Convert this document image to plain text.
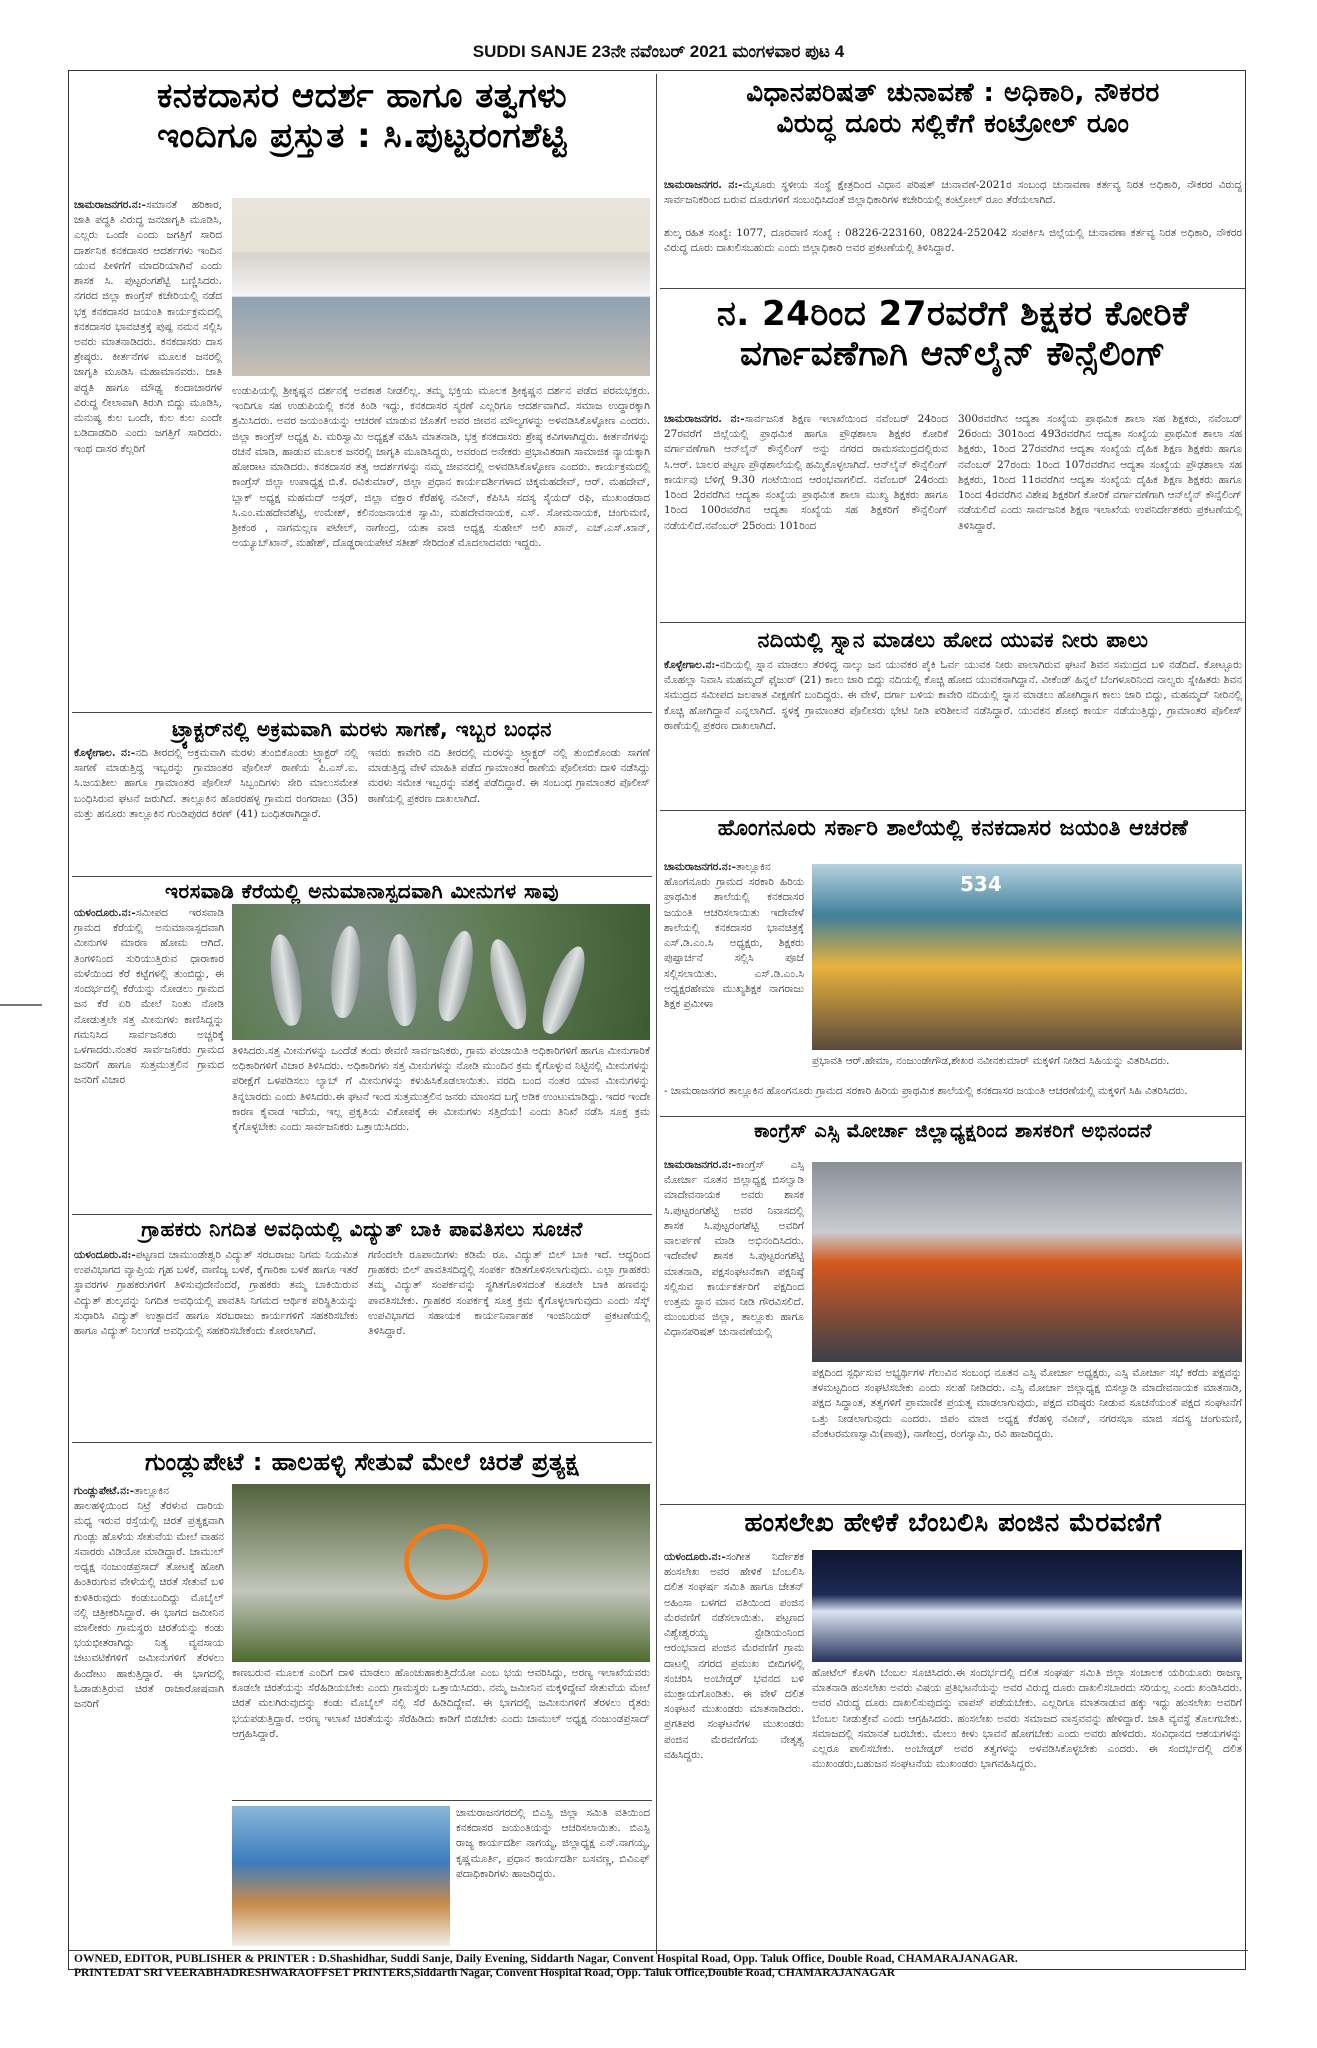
SUDDI SANJE 23ನೇ ನವೆಂಬರ್ 2021 ಮಂಗಳವಾರ ಪುಟ 4
ಕನಕದಾಸರ ಆದರ್ಶ ಹಾಗೂ ತತ್ವಗಳು
ಇಂದಿಗೂ ಪ್ರಸ್ತುತ : ಸಿ.ಪುಟ್ಟರಂಗಶೆಟ್ಟಿ
ಚಾಮರಾಜನಗರ.ನ:-ಸಮಾನತೆ ಹರಿಕಾರ, ಜಾತಿ ಪದ್ಧತಿ ವಿರುದ್ಧ ಜನಜಾಗೃತಿ ಮೂಡಿಸಿ, ಎಲ್ಲರು ಒಂದೇ ಎಂದು ಜಗತ್ತಿಗೆ ಸಾರಿದ ದಾರ್ಶನಿಕ ಕನಕದಾಸರ ಆದರ್ಶಗಳು ಇಂದಿನ ಯುವ ಪೀಳಿಗೆಗೆ ಮಾದರಿಯಾಗಿವೆ ಎಂದು ಶಾಸಕ ಸಿ. ಪುಟ್ಟರಂಗಶೆಟ್ಟಿ ಬಣ್ಣಿಸಿದರು. ನಗರದ ಜಿಲ್ಲಾ ಕಾಂಗ್ರೆಸ್ ಕಚೇರಿಯಲ್ಲಿ ನಡೆದ ಭಕ್ತ ಕನಕದಾಸರ ಜಯಂತಿ ಕಾರ್ಯಕ್ರಮದಲ್ಲಿ ಕನಕದಾಸರ ಭಾವಚಿತ್ರಕ್ಕೆ ಪುಷ್ಪ ನಮನ ಸಲ್ಲಿಸಿ ಅವರು ಮಾತನಾಡಿದರು. ಕನಕದಾಸರು ದಾಸ ಶ್ರೇಷ್ಠರು. ಕೀರ್ತನೆಗಳ ಮೂಲಕ ಜನರಲ್ಲಿ ಜಾಗೃತಿ ಮೂಡಿಸಿ ಮಹಾಮಾನವರು. ಜಾತಿ ಪದ್ಧತಿ ಹಾಗೂ ಮೌಢ್ಯ ಕಂದಾಚಾರಗಳ ವಿರುದ್ಧ ಲೀಲಾವಾಗಿ ತಿರುಗಿ ಬಿದ್ದು ಮೂಡಿಸಿ, ಮನುಷ್ಯ ಕುಲ ಒಂದೇ, ಕುಲ ಕುಲ ಎಂದೇ ಬಡಿದಾಡದಿರಿ ಎಂದು ಜಗತ್ತಿಗೆ ಸಾರಿದರು. ಇಂಥ ದಾಸರ ಕೆಲ್ಲರಿಗೆ
ಉಡುಪಿಯಲ್ಲಿ ಶ್ರೀಕೃಷ್ಣನ ದರ್ಶನಕ್ಕೆ ಅವಕಾಶ ನೀಡಲಿಲ್ಲ. ತಮ್ಮ ಭಕ್ತಿಯ ಮೂಲಕ ಶ್ರೀಕೃಷ್ಣನ ದರ್ಶನ ಪಡೆದ ಪರಮಭಕ್ತರು. ಇಂದಿಗೂ ಸಹ ಉಡುಪಿಯಲ್ಲಿ ಕನಕ ಕಿಂಡಿ ಇದ್ದು, ಕನಕದಾಸರ ಸ್ಮರಣೆ ಎಲ್ಲರಿಗೂ ಆದರ್ಶವಾಗಿದೆ. ಸಮಾಜ ಉದ್ಧಾರಕ್ಕಾಗಿ ಶ್ರಮಿಸಿದರು. ಅವರ ಜಯಂತಿಯನ್ನು ಆಚರಣೆ ಮಾಡುವ ಜೊತೆಗೆ ಅವರ ಜೀವನ ಮೌಲ್ಯಗಳನ್ನು ಅಳವಡಿಸಿಕೊಳ್ಳೋಣ ಎಂದರು. ಜಿಲ್ಲಾ ಕಾಂಗ್ರೆಸ್ ಅಧ್ಯಕ್ಷ ಪಿ. ಮರಿಸ್ವಾಮಿ ಅಧ್ಯಕ್ಷತೆ ವಹಿಸಿ ಮಾತನಾಡಿ, ಭಕ್ತ ಕನಕದಾಸರು ಶ್ರೇಷ್ಠ ಕವಿಗಳಾಗಿದ್ದರು. ಕೀರ್ತನೆಗಳನ್ನು ರಚನೆ ಮಾಡಿ, ಹಾಡುವ ಮೂಲಕ ಜನರಲ್ಲಿ ಜಾಗೃತಿ ಮೂಡಿಸಿದ್ದರು, ಅವರಂದ ಅನೇಕರು ಪ್ರಭಾವಿತರಾಗಿ ಸಾಮಾಜಿಕ ನ್ಯಾಯಕ್ಕಾಗಿ ಹೋರಾಟ ಮಾಡಿದರು. ಕನಕದಾಸರ ತತ್ವ ಆದರ್ಶಗಳನ್ನು ನಮ್ಮ ಜೀವನದಲ್ಲಿ ಅಳವಡಿಸಿಕೊಳ್ಳೋಣ ಎಂದರು. ಕಾರ್ಯಕ್ರಮದಲ್ಲಿ ಕಾಂಗ್ರೆಸ್ ಜಿಲ್ಲಾ ಉಪಾಧ್ಯಕ್ಷ ಬಿ.ಕೆ. ರವಿಕುಮಾರ್, ಜಿಲ್ಲಾ ಪ್ರಧಾನ ಕಾರ್ಯದರ್ಶಿಗಳಾದ ಚಿಕ್ಕಮಹದೇವ್, ಆರ್. ಮಹದೇವ್, ಬ್ಲಾಕ್ ಅಧ್ಯಕ್ಷ ಮಹಮದ್ ಅಸ್ಗರ್, ಜಿಲ್ಲಾ ವಕ್ತಾರ ಕೆರೆಹಳ್ಳಿ ನವೀನ್, ಕೆಪಿಸಿಸಿ ಸದಸ್ಯ ಸೈಯದ್ ರಫಿ, ಮುಖಂಡರಾದ ಸಿ.ಎಂ.ಮಹದೇವಶೆಟ್ಟಿ, ಉಮೇಶ್, ಕಲಿನಂಜನಾಯಕ ಸ್ವಾಮಿ, ಮಹದೇವನಾಯಕ, ಎಸ್. ಸೋಮನಾಯಕ, ಚಂಗುಮಣಿ, ಶ್ರೀಕಂಠ , ನಾಗಮಲ್ಲಣ ಪಟೇಲ್, ನಾಗೇಂದ್ರ, ಯತಾ ವಾಜಿ ಅಧ್ಯಕ್ಷ ಸುಹೇಲ್ ಅಲಿ ಖಾನ್, ಎಚ್.ಎಸ್.ಖಾನ್, ಅಯ್ಯೂಬ್‌ಖಾನ್, ಮಹೇಶ್, ದೊಡ್ಡರಾಯಪೇಟೆ ಸತೀಶ್ ಸೇರಿದಂತೆ ಮೊದಲಾದವರು ಇದ್ದರು.
ಟ್ರ್ಯಾಕ್ಟರ್‌ನಲ್ಲಿ ಅಕ್ರಮವಾಗಿ ಮರಳು ಸಾಗಣೆ, ಇಬ್ಬರ ಬಂಧನ
ಕೊಳ್ಳೇಗಾಲ. ನ:-ನದಿ ತೀರದಲ್ಲಿ ಅಕ್ರಮವಾಗಿ ಮರಳು ತುಂಬಿಕೊಂಡು ಟ್ರ್ಯಾಕ್ಟರ್ ನಲ್ಲಿ ಸಾಗಣೆ ಮಾಡುತ್ತಿದ್ದ ಇಬ್ಬರನ್ನು ಗ್ರಾಮಾಂತರ ಪೊಲೀಸ್ ಠಾಣೆಯ ಪಿ.ಎಸ್.ಐ. ಸಿ.ಜಯಶೀಲ ಹಾಗೂ ಗ್ರಾಮಾಂತರ ಪೊಲೀಸ್ ಸಿಬ್ಬಂದಿಗಳು ಸೇರಿ ಮಾಲುಸಮೇತ ಬಂಧಿಸಿರುವ ಘಟನೆ ಜರುಗಿದೆ. ತಾಲ್ಲೂಕಿನ ಹೊರರಹಳ್ಳ ಗ್ರಾಮದ ರಂಗರಾಜು (35) ಮತ್ತು ಹನೂರು ತಾಲ್ಲೂಕಿನ ಗುಂಡಿಪುರದ ಕಿರಣ್ (41) ಬಂಧಿತರಾಗಿದ್ದಾರೆ.
ಇವರು ಕಾವೇರಿ ನದಿ ತೀರದಲ್ಲಿ ಮರಳನ್ನು ಟ್ರ್ಯಾಕ್ಟರ್ ನಲ್ಲಿ ತುಂಬಿಕೊಂಡು ಸಾಗಣೆ ಮಾಡುತ್ತಿದ್ದ ವೇಳೆ ಮಾಹಿತಿ ಪಡೆದ ಗ್ರಾಮಾಂತರ ಠಾಣೆಯ ಪೊಲೀಸರು ದಾಳಿ ನಡೆಸಿದ್ದು ಮರಳು ಸಮೇತ ಇಬ್ಬರನ್ನು ವಶಕ್ಕೆ ಪಡೆದಿದ್ದಾರೆ. ಈ ಸಂಬಂಧ ಗ್ರಾಮಾಂತರ ಪೊಲೀಸ್ ಠಾಣೆಯಲ್ಲಿ ಪ್ರಕರಣ ದಾಖಲಾಗಿದೆ.
ಇರಸವಾಡಿ ಕೆರೆಯಲ್ಲಿ ಅನುಮಾನಾಸ್ಪದವಾಗಿ ಮೀನುಗಳ ಸಾವು
ಯಳಂದೂರು.ನ:-ಸಮೀಪದ ಇರಸವಾಡಿ ಗ್ರಾಮದ ಕೆರೆಯಲ್ಲಿ ಅನುಮಾನಾಸ್ಪದವಾಗಿ ಮೀನುಗಳ ಮಾರಣ ಹೋಮ ಆಗಿದೆ. ತಿಂಗಳಿನಿಂದ ಸುರಿಯುತ್ತಿರುವ ಧಾರಾಕಾರ ಮಳೆಯಿಂದ ಕೆರೆ ಕಟ್ಟೆಗಳಲ್ಲಿ ತುಂಬಿದ್ದು, ಈ ಸಂದರ್ಭದಲ್ಲಿ ಕೆರೆಯನ್ನು ನೋಡಲು ಗ್ರಾಮದ ಜನ ಕೆರೆ ಏರಿ ಮೇಲೆ ನಿಂತು ನೋಡಿ ನೋಡುತ್ತಲೇ ಸತ್ತ ಮೀನುಗಳು ಕಾಣಿಸಿದ್ದನ್ನು ಗಮನಿಸಿದ ಸಾರ್ವಜನಿಕರು ಅಚ್ಚರಿಕ್ಕೆ ಒಳಗಾದರು.ನಂತರ ಸಾರ್ವಜನಿಕರು ಗ್ರಾಮದ ಜನರಿಗೆ ಹಾಗೂ ಸುತ್ತಮುತ್ತಲಿನ ಗ್ರಾಮದ ಜನರಿಗೆ ವಿಚಾರ
ತಿಳಿಸಿದರು.ಸತ್ತ ಮೀನುಗಳನ್ನು ಒಂದೆಡೆ ತಂದು ಠೇವಣಿ ಸಾರ್ವಜನಿಕರು, ಗ್ರಾಮ ಪಂಚಾಯಿತಿ ಅಧಿಕಾರಿಗಳಿಗೆ ಹಾಗೂ ಮೀನುಗಾರಿಕೆ ಅಧಿಕಾರಿಗಳಿಗೆ ವಿಚಾರ ತಿಳಿಸಿದರು. ಅಧಿಕಾರಿಗಳು ಸತ್ತ ಮೀನುಗಳನ್ನು ನೋಡಿ ಮುಂದಿನ ಕ್ರಮ ಕೈಗೊಳ್ಳುವ ನಿಟ್ಟಿನಲ್ಲಿ ಮೀನುಗಳನ್ನು ಪರೀಕ್ಷೆಗೆ ಒಳಪಡಿಸಲು ಲ್ಯಾಬ್ ಗೆ ಮೀನುಗಳನ್ನು ಕಳುಹಿಸಿಕೊಡಲಾಯಿತು. ವರದಿ ಬಂದ ನಂತರ ಯಾವ ಮೀನುಗಳನ್ನು ತಿನ್ನಬಾರದು ಎಂದು ತಿಳಿಸಿದರು.ಈ ಘಟನೆ ಇಂದ ಸುತ್ತಮುತ್ತಲಿನ ಜನರು ಮಾಂಸದ ಬಗ್ಗೆ ಅಡಿಕ ಉಂಟುಮಾಡಿದ್ದು. ಇದರ ಇಂದೇ ಕಾರಣ ಕೈವಾಡ ಇದೆಯ, ಇಲ್ಲ ಪ್ರಕೃತಿಯ ವಿಕೋಪಕ್ಕೆ ಈ ಮೀನುಗಳು ಸತ್ತಿದೆಯ! ಎಂದು ತಿನಿಖೆ ನಡೆಸಿ ಸೂಕ್ತ ಕ್ರಮ ಕೈಗೊಳ್ಳಬೇಕು ಎಂದು ಸಾರ್ವಜನಿಕರು ಒತ್ತಾಯಿಸಿದರು.
ಗ್ರಾಹಕರು ನಿಗದಿತ ಅವಧಿಯಲ್ಲಿ ವಿದ್ಯುತ್ ಬಾಕಿ ಪಾವತಿಸಲು ಸೂಚನೆ
ಯಳಂದೂರು.ನ:-ಪಟ್ಟಣದ ಚಾಮುಂಡೇಶ್ವರಿ ವಿದ್ಯುತ್ ಸರಬರಾಜು ನಿಗಮ ನಿಯಮಿತ ಉಪವಿಭಾಗದ ವ್ಯಾಪ್ತಿಯ ಗೃಹ ಬಳಕೆ, ವಾಣಿಜ್ಯ ಬಳಕೆ, ಕೈಗಾರಿಕಾ ಬಳಕೆ ಹಾಗೂ ಇತರೆ ಸ್ಥಾವರಗಳ ಗ್ರಾಹಕರುಗಳಿಗೆ ತಿಳಿಸುವುದೇನೆಂದರೆ, ಗ್ರಾಹಕರು ತಮ್ಮ ಬಾಕಿಯಿರುವ ವಿದ್ಯುತ್ ಶುಲ್ಕವನ್ನು ನಿಗದಿತ ಅವಧಿಯಲ್ಲಿ ಪಾವತಿಸಿ ನಿಗಮದ ಆರ್ಥಿಕ ಪರಿಸ್ಥಿತಿಯನ್ನು ಸುಧಾರಿಸಿ ವಿದ್ಯುತ್ ಉತ್ಪಾದನೆ ಹಾಗೂ ಸರಬರಾಜು ಕಾರ್ಯಗಳಿಗೆ ಸಹಕರಿಸಬೇಕು ಹಾಗೂ ವಿದ್ಯುತ್ ನಿಲುಗಡೆ ಅವಧಿಯಲ್ಲಿ ಸಹಕರಿಸಬೇಕೆಂದು ಕೋರಲಾಗಿದೆ.
ಗಣಿಂದಲೇ ರೂಪಾಯಿಗಳು ಕಡಿಮೆ ರೂ. ವಿದ್ಯುತ್ ಬಿಲ್ ಬಾಕಿ ಇದೆ. ಆದ್ದರಿಂದ ಗ್ರಾಹಕರು ಬಿಲ್ ಪಾವತಿಸದಿದ್ದಲ್ಲಿ ಸಂಪರ್ಕ ಕಡಿತಗೊಳಿಸಲಾಗುವುದು. ಎಲ್ಲಾ ಗ್ರಾಹಕರು ತಮ್ಮ ವಿದ್ಯುತ್ ಸಂಪರ್ಕವನ್ನು ಸ್ಥಗಿತಗೊಳಿಸದಂತೆ ಕೂಡಲೇ ಬಾಕಿ ಹಣವನ್ನು ಪಾವತಿಸಬೇಕು. ಗ್ರಾಹಕರ ಸಂಪರ್ಕಕ್ಕೆ ಸೂಕ್ತ ಕ್ರಮ ಕೈಗೊಳ್ಳಲಾಗುವುದು ಎಂದು ಸೆಸ್ಕ್ ಉಪವಿಭಾಗದ ಸಹಾಯಕ ಕಾರ್ಯನಿರ್ವಾಹಕ ಇಂಜಿನಿಯರ್ ಪ್ರಕಟಣೆಯಲ್ಲಿ ತಿಳಿಸಿದ್ದಾರೆ.
ಗುಂಡ್ಲುಪೇಟೆ : ಹಾಲಹಳ್ಳಿ ಸೇತುವೆ ಮೇಲೆ ಚಿರತೆ ಪ್ರತ್ಯಕ್ಷ
ಗುಂಡ್ಲುಪೇಟೆ.ನ:-ತಾಲ್ಲೂಕಿನ ಹಾಲಹಳ್ಳಿಯಿಂದ ನಿಟ್ರೆ ತೆರಳುವ ದಾರಿಯ ಮಧ್ಯ ಇರುವ ರಸ್ತೆಯಲ್ಲಿ ಚಿರತೆ ಪ್ರತ್ಯಕ್ಷವಾಗಿ ಗುಂಡ್ಲು ಹೊಳೆಯ ಸೇತುವೆಯ ಮೇಲೆ ವಾಹನ ಸವಾರರು ವಿಡಿಯೋ ಮಾಡಿದ್ದಾರೆ. ಚಾಮುಲ್ ಅಧ್ಯಕ್ಷ ನಂಜುಂಡಪ್ರಸಾದ್ ತೋಟಕ್ಕೆ ಹೋಗಿ ಹಿಂತಿರುಗುವ ವೇಳೆಯಲ್ಲಿ ಚಿರತೆ ಸೇತುವೆ ಬಳಿ ಕುಳಿತಿರುವುದು ಕಂಡುಬಂದಿದ್ದು ಮೊಬೈಲ್ ನಲ್ಲಿ ಚಿತ್ರೀಕರಿಸಿದ್ದಾರೆ. ಈ ಭಾಗದ ಜಮೀನಿನ ಮಾಲೀಕರು ಗ್ರಾಮಸ್ಥರು ಚಿರತೆಯನ್ನು ಕಂಡು ಭಯಭೀತರಾಗಿದ್ದು ನಿತ್ಯ ವ್ಯವಸಾಯ ಚಟುವಟಿಕೆಗಳಿಗೆ ಜಮೀನುಗಳಿಗೆ ತೆರಳಲು ಹಿಂದೇಟು ಹಾಕುತ್ತಿದ್ದಾರೆ. ಈ ಭಾಗದಲ್ಲಿ ಓಡಾಡುತ್ತಿರುವ ಚಿರತೆ ರಾಜಾರೋಷವಾಗಿ ಜನರಿಗೆ
ಕಾಣಬರುವ ಮೂಲಕ ಎಂದಿಗೆ ದಾಳಿ ಮಾಡಲು ಹೊಂಚುಹಾಕುತ್ತಿದೆಯೋ ಎಂಬ ಭಯ ಆವರಿಸಿದ್ದು, ಅರಣ್ಯ ಇಲಾಖೆಯವರು ಕೂಡಲೇ ಚಿರತೆಯನ್ನು ಸೆರೆಹಿಡಿಯಬೇಕು ಎಂದು ಗ್ರಾಮಸ್ಥರು ಒತ್ತಾಯಿಸಿದರು. ನಮ್ಮ ಜಮೀನಿನ ಮಕ್ಕಳಿದ್ದೇವೆ ಸೇತುವೆಯ ಮೇಲೆ ಚಿರತೆ ಮಲಗಿರುವುದನ್ನು ಕಂಡು ಮೊಬೈಲ್ ನಲ್ಲಿ ಸೆರೆ ಹಿಡಿದಿದ್ದೇವೆ. ಈ ಭಾಗದಲ್ಲಿ ಜಮೀನುಗಳಿಗೆ ತೆರಳಲು ರೈತರು ಭಯಪಡುತ್ತಿದ್ದಾರೆ. ಅರಣ್ಯ ಇಲಾಖೆ ಚಿರತೆಯನ್ನು ಸೆರೆಹಿಡಿದು ಕಾಡಿಗೆ ಬಿಡಬೇಕು ಎಂದು ಚಾಮುಲ್ ಅಧ್ಯಕ್ಷ ನಂಜುಂಡಪ್ರಸಾದ್ ಆಗ್ರಹಿಸಿದ್ದಾರೆ.
ಚಾಮರಾಜನಗರದಲ್ಲಿ ಬಿಎಸ್ಪಿ ಜಿಲ್ಲಾ ಸಮಿತಿ ವತಿಯಿಂದ ಕನಕದಾಸರ ಜಯಂತಿಯನ್ನು ಆಚರಿಸಲಾಯಿತು. ಬಿಎಸ್ಪಿ ರಾಜ್ಯ ಕಾರ್ಯದರ್ಶಿ ನಾಗಯ್ಯ, ಜಿಲ್ಲಾಧ್ಯಕ್ಷ ಎನ್.ನಾಗಯ್ಯ, ಕೃಷ್ಣಮೂರ್ತಿ, ಪ್ರಧಾನ ಕಾರ್ಯದರ್ಶಿ ಬಸವಣ್ಣ, ಬಿವಿಎಫ್ ಪದಾಧಿಕಾರಿಗಳು ಹಾಜರಿದ್ದರು.
ವಿಧಾನಪರಿಷತ್ ಚುನಾವಣೆ : ಅಧಿಕಾರಿ, ನೌಕರರ
ವಿರುದ್ಧ ದೂರು ಸಲ್ಲಿಕೆಗೆ ಕಂಟ್ರೋಲ್ ರೂಂ
ಚಾಮರಾಜನಗರ. ನ:-ಮೈಸೂರು ಸ್ಥಳೀಯ ಸಂಸ್ಥೆ ಕ್ಷೇತ್ರದಿಂದ ವಿಧಾನ ಪರಿಷತ್ ಚುನಾವಣೆ-2021ರ ಸಂಬಂಧ ಚುನಾವಣಾ ಕರ್ತವ್ಯ ನಿರತ ಅಧಿಕಾರಿ, ನೌಕರರ ವಿರುದ್ಧ ಸಾರ್ವಜನಿಕರಿಂದ ಬರುವ ದೂರುಗಳಿಗೆ ಸಂಬಂಧಿಸಿದಂತೆ ಜಿಲ್ಲಾಧಿಕಾರಿಗಳ ಕಚೇರಿಯಲ್ಲಿ ಕಂಟ್ರೋಲ್ ರೂಂ ತೆರೆಯಲಾಗಿದೆ.
ಶುಲ್ಕ ರಹಿತ ಸಂಖ್ಯೆ: 1077, ದೂರವಾಣಿ ಸಂಖ್ಯೆ : 08226-223160, 08224-252042 ಸಂಪರ್ಕಿಸಿ ಜಿಲ್ಲೆಯಲ್ಲಿ ಚುನಾವಣಾ ಕರ್ತವ್ಯ ನಿರತ ಅಧಿಕಾರಿ, ನೌಕರರ ವಿರುದ್ಧ ದೂರು ದಾಖಲಿಸಬಹುದು ಎಂದು ಜಿಲ್ಲಾಧಿಕಾರಿ ಅವರ ಪ್ರಕಟಣೆಯಲ್ಲಿ ತಿಳಿಸಿದ್ದಾರೆ.
ನ. 24ರಿಂದ 27ರವರೆಗೆ ಶಿಕ್ಷಕರ ಕೋರಿಕೆ
ವರ್ಗಾವಣೆಗಾಗಿ ಆನ್‌ಲೈನ್ ಕೌನ್ಸೆಲಿಂಗ್
ಚಾಮರಾಜನಗರ. ನ:-ಸಾರ್ವಜನಿಕ ಶಿಕ್ಷಣ ಇಲಾಖೆಯಿಂದ ನವೆಂಬರ್ 24ರಿಂದ 27ರವರೆಗೆ ಜಿಲ್ಲೆಯಲ್ಲಿ ಪ್ರಾಥಮಿಕ ಹಾಗೂ ಪ್ರೌಢಶಾಲಾ ಶಿಕ್ಷಕರ ಕೋರಿಕೆ ವರ್ಗಾವಣೆಗಾಗಿ ಆನ್‌ಲೈನ್ ಕೌನ್ಸೆಲಿಂಗ್ ಅನ್ನು ನಗರದ ರಾಮಸಮುದ್ರದಲ್ಲಿರುವ ಸಿ.ಆರ್. ಬಾಲರ ಪಟ್ಟಣ ಪ್ರೌಢಶಾಲೆಯಲ್ಲಿ ಹಮ್ಮಿಕೊಳ್ಳಲಾಗಿದೆ. ಆನ್‌ಲೈನ್ ಕೌನ್ಸೆಲಿಂಗ್ ಕಾರ್ಯವು ಬೆಳಿಗ್ಗೆ 9.30 ಗಂಟೆಯಿಂದ ಆರಂಭವಾಗಲಿದೆ. ನವೆಂಬರ್ 24ರಂದು 1ರಿಂದ 2ರವರೆಗಿನ ಆದ್ಯತಾ ಸಂಖ್ಯೆಯ ಪ್ರಾಥಮಿಕ ಶಾಲಾ ಮುಖ್ಯ ಶಿಕ್ಷಕರು ಹಾಗೂ 1ರಿಂದ 100ರವರೆಗಿನ ಆದ್ಯತಾ ಸಂಖ್ಯೆಯ ಸಹ ಶಿಕ್ಷಕರಿಗೆ ಕೌನ್ಸೆಲಿಂಗ್ ನಡೆಯಲಿದೆ.ನವೆಂಬರ್ 25ರಂದು 101ರಿಂದ
300ರವರೆಗಿನ ಆದ್ಯತಾ ಸಂಖ್ಯೆಯ ಪ್ರಾಥಮಿಕ ಶಾಲಾ ಸಹ ಶಿಕ್ಷಕರು, ನವೆಂಬರ್ 26ರಂದು 301ರಿಂದ 493ರವರೆಗಿನ ಆದ್ಯತಾ ಸಂಖ್ಯೆಯ ಪ್ರಾಥಮಿಕ ಶಾಲಾ ಸಹ ಶಿಕ್ಷಕರು, 1ರಿಂದ 27ರವರೆಗಿನ ಆದ್ಯತಾ ಸಂಖ್ಯೆಯ ದೈಹಿಕ ಶಿಕ್ಷಣ ಶಿಕ್ಷಕರು ಹಾಗೂ ನವೆಂಬರ್ 27ರಂದು 1ರಿಂದ 107ರವರೆಗಿನ ಆದ್ಯತಾ ಸಂಖ್ಯೆಯ ಪ್ರೌಢಶಾಲಾ ಸಹ ಶಿಕ್ಷಕರು, 1ರಿಂದ 11ರವರೆಗಿನ ಆದ್ಯತಾ ಸಂಖ್ಯೆಯ ದೈಹಿಕ ಶಿಕ್ಷಣ ಶಿಕ್ಷಕರು ಹಾಗೂ 1ರಿಂದ 4ರವರೆಗಿನ ವಿಶೇಷ ಶಿಕ್ಷಕರಿಗೆ ಕೋರಿಕೆ ವರ್ಗಾವಣೆಗಾಗಿ ಆನ್‌ಲೈನ್ ಕೌನ್ಸೆಲಿಂಗ್ ನಡೆಯಲಿದೆ ಎಂದು ಸಾರ್ವಜನಿಕ ಶಿಕ್ಷಣ ಇಲಾಖೆಯ ಉಪನಿರ್ದೇಶಕರು ಪ್ರಕಟಣೆಯಲ್ಲಿ ತಿಳಿಸಿದ್ದಾರೆ.
ನದಿಯಲ್ಲಿ ಸ್ನಾನ ಮಾಡಲು ಹೋದ ಯುವಕ ನೀರು ಪಾಲು
ಕೊಳ್ಳೇಗಾಲ.ನ:-ನದಿಯಲ್ಲಿ ಸ್ನಾನ ಮಾಡಲು ತೆರಳಿದ್ದ ನಾಲ್ಕು ಜನ ಯುವಕರ ಪೈಕಿ ಓರ್ವ ಯುವಕ ನೀರು ಪಾಲಾಗಿರುವ ಘಟನೆ ಶಿವನ ಸಮುದ್ರದ ಬಳಿ ನಡೆದಿದೆ. ಕೋಟ್ಟೂರು ಮೊಹಲ್ಲಾ ನಿವಾಸಿ ಮಹಮ್ಮದ್ ಫೈಜುರ್ (21) ಕಾಲು ಜಾರಿ ಬಿದ್ದು ನದಿಯಲ್ಲಿ ಕೊಚ್ಚಿ ಹೋದ ಯುವಕನಾಗಿದ್ದಾನೆ. ವೀಕೆಂಡ್ ಹಿನ್ನಲೆ ಬೆಂಗಳೂರಿನಿಂದ ನಾಲ್ವರು ಸ್ನೇಹಿತರು ಶಿವನ ಸಮುದ್ರದ ಸಮೀಪದ ಜಲಪಾತ ವೀಕ್ಷಣೆಗೆ ಬಂದಿದ್ದರು. ಈ ವೇಳೆ, ದರ್ಗಾ ಬಳಿಯ ಕಾವೇರಿ ನದಿಯಲ್ಲಿ ಸ್ನಾನ ಮಾಡಲು ಹೋಗಿದ್ದಾಗ ಕಾಲು ಜಾರಿ ಬಿದ್ದು, ಮಹಮ್ಮದ್ ನೀರಿನಲ್ಲಿ ಕೊಚ್ಚಿ ಹೋಗಿದ್ದಾನೆ ಎನ್ನಲಾಗಿದೆ. ಸ್ಥಳಕ್ಕೆ ಗ್ರಾಮಾಂತರ ಪೊಲೀಸರು ಭೇಟಿ ನೀಡಿ ಪರಿಶೀಲನೆ ನಡೆಸಿದ್ದಾರೆ. ಯುವಕನ ಶೋಧ ಕಾರ್ಯ ನಡೆಯುತ್ತಿದ್ದು, ಗ್ರಾಮಾಂತರ ಪೊಲೀಸ್ ಠಾಣೆಯಲ್ಲಿ ಪ್ರಕರಣ ದಾಖಲಾಗಿದೆ.
ಹೊಂಗನೂರು ಸರ್ಕಾರಿ ಶಾಲೆಯಲ್ಲಿ ಕನಕದಾಸರ ಜಯಂತಿ ಆಚರಣೆ
ಚಾಮರಾಜನಗರ.ನ:-ತಾಲ್ಲೂಕಿನ ಹೊಂಗನೂರು ಗ್ರಾಮದ ಸರಕಾರಿ ಹಿರಿಯ ಪ್ರಾಥಮಿಕ ಶಾಲೆಯಲ್ಲಿ ಕನಕದಾಸರ ಜಯಂತಿ ಆಚರಿಸಲಾಯಿತು ಇದೇವೇಳೆ ಶಾಲೆಯಲ್ಲಿ ಕನಕದಾಸರ ಭಾವಚಿತ್ರಕ್ಕೆ ಎಸ್.ಡಿ.ಎಂ.ಸಿ ಅಧ್ಯಕ್ಷರು, ಶಿಕ್ಷಕರು ಪುಷ್ಪಾರ್ಚನೆ ಸಲ್ಲಿಸಿ ಪೂಜೆ ಸಲ್ಲಿಸಲಾಯಿತು. ಎಸ್.ಡಿ.ಎಂ.ಸಿ ಅಧ್ಯಕ್ಷರಹೇಮಾ ಮುಖ್ಯಶಿಕ್ಷಕ ನಾಗರಾಜು ಶಿಕ್ಷಕ ಪ್ರಮೀಳಾ
534
ಪ್ರಭಾವತಿ ಆರ್.ಹೇಮಾ, ನಂಜುಂಡೇಗೌಡ,ಶೇಖರ ನವೀನಕುಮಾರ್ ಮಕ್ಕಳಿಗೆ ನೀಡಿದ ಸಿಹಿಯನ್ನು ವಿತರಿಸಿದರು.
- ಚಾಮರಾಜನಗರ ತಾಲ್ಲೂಕಿನ ಹೊಂಗನೂರು ಗ್ರಾಮದ ಸರಕಾರಿ ಹಿರಿಯ ಪ್ರಾಥಮಿಕ ಶಾಲೆಯಲ್ಲಿ ಕನಕದಾಸರ ಜಯಂತಿ ಆಚರಣೆಯಲ್ಲಿ ಮಕ್ಕಳಿಗೆ ಸಿಹಿ ವಿತರಿಸಿದರು.
ಕಾಂಗ್ರೆಸ್ ಎಸ್ಸಿ ಮೋರ್ಚಾ ಜಿಲ್ಲಾಧ್ಯಕ್ಷರಿಂದ ಶಾಸಕರಿಗೆ ಅಭಿನಂದನೆ
ಚಾಮರಾಜನಗರ.ನ:-ಕಾಂಗ್ರೆಸ್ ಎಸ್ಸಿ ಮೋರ್ಚಾ ನೂತನ ಜಿಲ್ಲಾಧ್ಯಕ್ಷ ಬಿಸಲ್ವಾಡಿ ಮಾದೇವನಾಯಕ ಅವರು ಶಾಸಕ ಸಿ.ಪುಟ್ಟರಂಗಶೆಟ್ಟಿ ಅವರ ನಿವಾಸದಲ್ಲಿ ಶಾಸಕ ಸಿ.ಪುಟ್ಟರಂಗಶೆಟ್ಟಿ ಅವರಿಗೆ ವಾಲರ್ಪಣೆ ಮಾಡಿ ಅಭಿನಂದಿಸಿದರು. ಇದೇವೇಳೆ ಶಾಸಕ ಸಿ.ಪುಟ್ಟರಂಗಶೆಟ್ಟಿ ಮಾತನಾಡಿ, ಪಕ್ಷಸಂಘಟನೆಕಾಗಿ ಪಕ್ಷನಿಷ್ಠೆ ಸಲ್ಲಿಸುವ ಕಾರ್ಯಕರ್ತರಿಗೆ ಪಕ್ಷದಿಂದ ಉತ್ತಮ ಸ್ಥಾನ ಮಾನ ನೀಡಿ ಗೌರವಿಸಲಿದೆ. ಮುಂಬರುವ ಜಿಲ್ಲಾ, ತಾಲ್ಲೂಕು ಹಾಗೂ ವಿಧಾನಪರಿಷತ್ ಚುನಾವಣೆಯಲ್ಲಿ
ಪಕ್ಷದಿಂದ ಸ್ಪರ್ಧಿಸುವ ಅಭ್ಯರ್ಥಿಗಳ ಗೆಲುವಿನ ಸಂಬಂಧ ನೂತನ ಎಸ್ಸಿ ಮೋರ್ಚಾ ಅಧ್ಯಕ್ಷರು, ಎಸ್ಸಿ ಮೋರ್ಚಾ ಸಭೆ ಕರೆದು ಪಕ್ಷವನ್ನು ತಳಮಟ್ಟದಿಂದ ಸಂಘಟಿಸಬೇಕು ಎಂದು ಸಲಹೆ ನೀಡಿದರು. ಎಸ್ಸಿ ಮೋರ್ಚಾ ಜಿಲ್ಲಾಧ್ಯಕ್ಷ ಬಿಸಲ್ವಾಡಿ ಮಾದೇವನಾಯಕ ಮಾತನಾಡಿ, ಪಕ್ಷದ ಸಿದ್ಧಾಂತ, ತತ್ವಗಳಿಗೆ ಪ್ರಾಮಾಣಿಕ ಪ್ರಯತ್ನ ಮಾಡಲಾಗುವುದು, ಪಕ್ಷದ ವರಿಷ್ಠರು ನೀಡುವ ಸೂಚನೆಯಂತೆ ಪಕ್ಷದ ಸಂಘಟನೆಗೆ ಒತ್ತು ನೀಡಲಾಗುವುದು ಎಂದರು. ಜಿಪಂ ಮಾಜಿ ಅಧ್ಯಕ್ಷ ಕೆರೆಹಳ್ಳಿ ನವೀನ್, ನಗರಸಭಾ ಮಾಜಿ ಸದಸ್ಯ ಚಂಗುಮಣಿ, ವೆಂಕಟರಮಣಸ್ವಾಮಿ(ಪಾಪು), ನಾಗೇಂದ್ರ, ರಂಗಸ್ವಾಮಿ, ರವಿ ಹಾಜರಿದ್ದರು.
ಹಂಸಲೇಖ ಹೇಳಿಕೆ ಬೆಂಬಲಿಸಿ ಪಂಜಿನ ಮೆರವಣಿಗೆ
ಯಳಂದೂರು.ನ:-ಸಂಗೀತ ನಿರ್ದೇಶಕ ಹಂಸಲೇಖ ಅವರ ಹೇಳಿಕೆ ಬೆಂಬಲಿಸಿ ದಲಿತ ಸಂಘರ್ಷ ಸಮಿತಿ ಹಾಗೂ ಚೇತನ್ ಅಹಿಂಸಾ ಬಳಗದ ವತಿಯಿಂದ ಪಂಜಿನ ಮೆರವಣಿಗೆ ನಡೆಸಲಾಯಿತು. ಪಟ್ಟಣದ ವಿಶ್ವೇಶ್ವರಯ್ಯ ಸ್ಟೇಡಿಯಂನಿಂದ ಆರಂಭವಾದ ಪಂಜಿನ ಮೆರವಣಿಗೆ ಗ್ರಾಮ ದಾಟಲ್ಲಿ ನಗರದ ಪ್ರಮುಖ ಬೀದಿಗಳಲ್ಲಿ ಸಂಚರಿಸಿ ಅಂಬೇಡ್ಕರ್ ಭವನದ ಬಳಿ ಮುಕ್ತಾಯಗೊಂಡಿತು. ಈ ವೇಳೆ ದಲಿತ ಸಂಘಟನೆ ಮುಖಂಡರು ಮಾತನಾಡಿದರು. ಪ್ರಗತಿಪರ ಸಂಘಟನೆಗಳ ಮುಖಂಡರು ಪಂಜಿನ ಮೆರವಣಿಗೆಯ ನೇತೃತ್ವ ವಹಿಸಿದ್ದರು.
ಹೋಟೆಲ್ ಕೊಳಗಿ ಬೆಂಬಲ ಸೂಚಿಸಿದರು.ಈ ಸಂದರ್ಭದಲ್ಲಿ ದಲಿತ ಸಂಘರ್ಷ ಸಮಿತಿ ಜಿಲ್ಲಾ ಸಂಚಾಲಕ ಯರಿಯೂರು ರಾಜಣ್ಣ ಮಾತನಾಡಿ ಹಂಸಲೇಖ ಅವರು ವಿಷಯ ಪ್ರತಿಭಟನೆಯನ್ನು ಅವರ ವಿರುದ್ಧ ದೂರು ದಾಖಲಿಸಬಾರದು ಸರಿಯಲ್ಲ ಎಂದು ಖಂಡಿಸಿದರು. ಅವರ ವಿರುದ್ಧ ದೂರು ದಾಖಲಿಸುವುದನ್ನು ವಾಪಸ್ ಪಡೆಯಬೇಕು. ಎಲ್ಲರಿಗೂ ಮಾತನಾಡುವ ಹಕ್ಕು ಇದ್ದು ಹಂಸಲೇಖ ಅವರಿಗೆ ಬೆಂಬಲ ನೀಡುತ್ತೇವೆ ಎಂದು ಆಗ್ರಹಿಸಿದರು. ಹಂಸಲೇಖ ಅವರು ಸಮಾಜದ ವಾಸ್ತವವನ್ನು ಹೇಳಿದ್ದಾರೆ. ಜಾತಿ ವ್ಯವಸ್ಥೆ ತೊಲಗಬೇಕು. ಸಮಾಜದಲ್ಲಿ ಸಮಾನತೆ ಬರಬೇಕು. ಮೇಲು ಕೀಳು ಭಾವನೆ ಹೋಗಬೇಕು ಎಂದು ಅವರು ಹೇಳಿದರು. ಸಂವಿಧಾನದ ಆಶಯಗಳನ್ನು ಎಲ್ಲರೂ ಪಾಲಿಸಬೇಕು. ಅಂಬೇಡ್ಕರ್ ಅವರ ತತ್ವಗಳನ್ನು ಅಳವಡಿಸಿಕೊಳ್ಳಬೇಕು ಎಂದರು. ಈ ಸಂದರ್ಭದಲ್ಲಿ ದಲಿತ ಮುಖಂಡರು,ಬಹುಜನ ಸಂಘಟನೆಯ ಮುಖಂಡರು ಭಾಗವಹಿಸಿದ್ದರು.
OWNED, EDITOR, PUBLISHER & PRINTER : D.Shashidhar, Suddi Sanje, Daily Evening, Siddarth Nagar, Convent Hospital Road, Opp. Taluk Office, Double Road, CHAMARAJANAGAR.
PRINTEDAT SRI VEERABHADRESHWARAOFFSET PRINTERS,Siddarth Nagar, Convent Hospital Road, Opp. Taluk Office,Double Road, CHAMARAJANAGAR
